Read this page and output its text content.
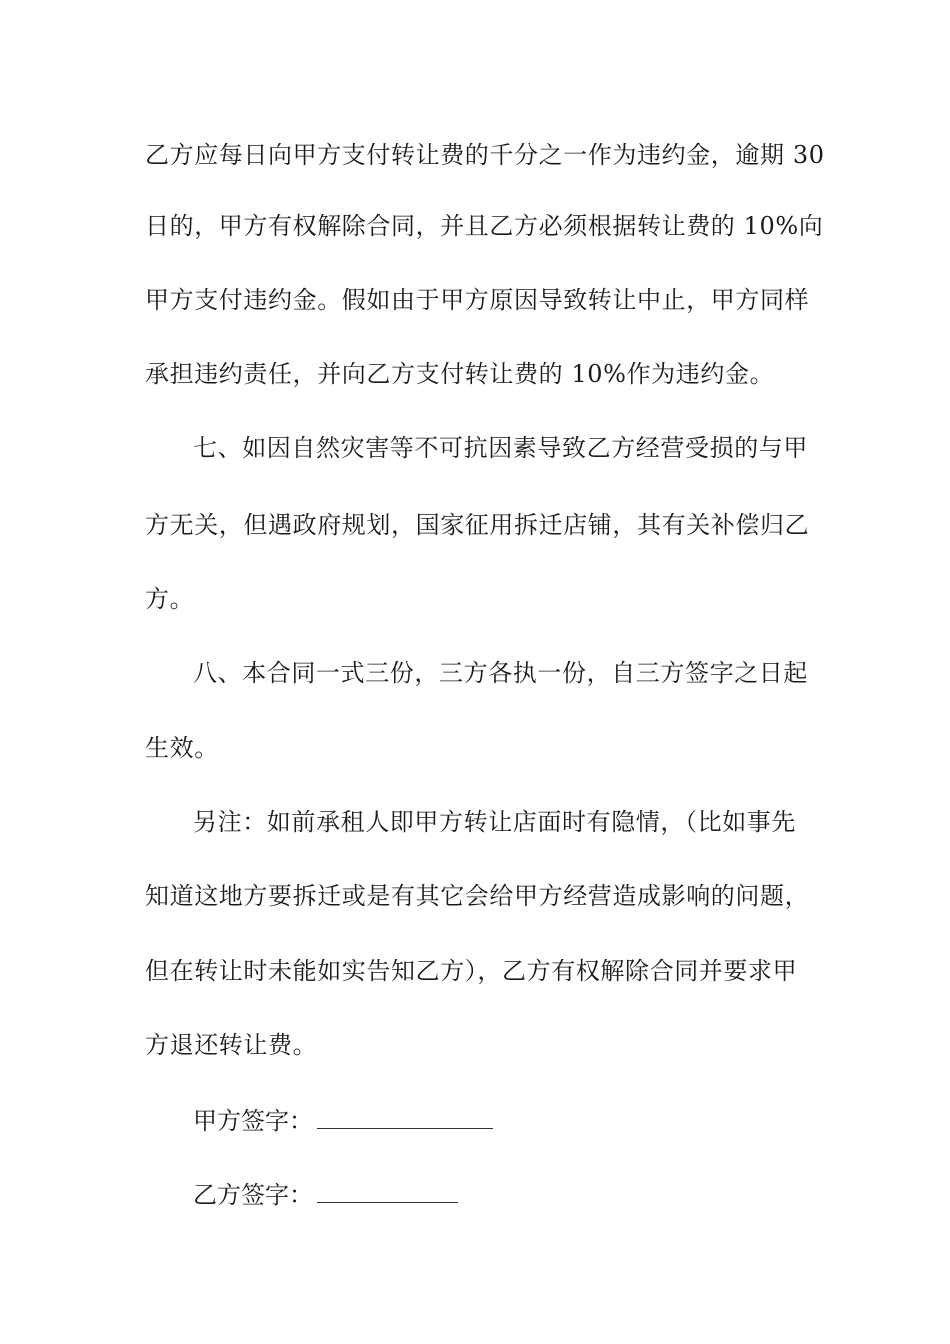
乙方应每日向甲方支付转让费的千分之一作为违约金，逾期 30
日的，甲方有权解除合同，并且乙方必须根据转让费的 10%向
甲方支付违约金。假如由于甲方原因导致转让中止，甲方同样
承担违约责任，并向乙方支付转让费的 10%作为违约金。
七、如因自然灾害等不可抗因素导致乙方经营受损的与甲
方无关，但遇政府规划，国家征用拆迁店铺，其有关补偿归乙
方。
八、本合同一式三份，三方各执一份，自三方签字之日起
生效。
另注：如前承租人即甲方转让店面时有隐情，（比如事先
知道这地方要拆迁或是有其它会给甲方经营造成影响的问题，
但在转让时未能如实告知乙方），乙方有权解除合同并要求甲
方退还转让费。
甲方签字：
乙方签字：
